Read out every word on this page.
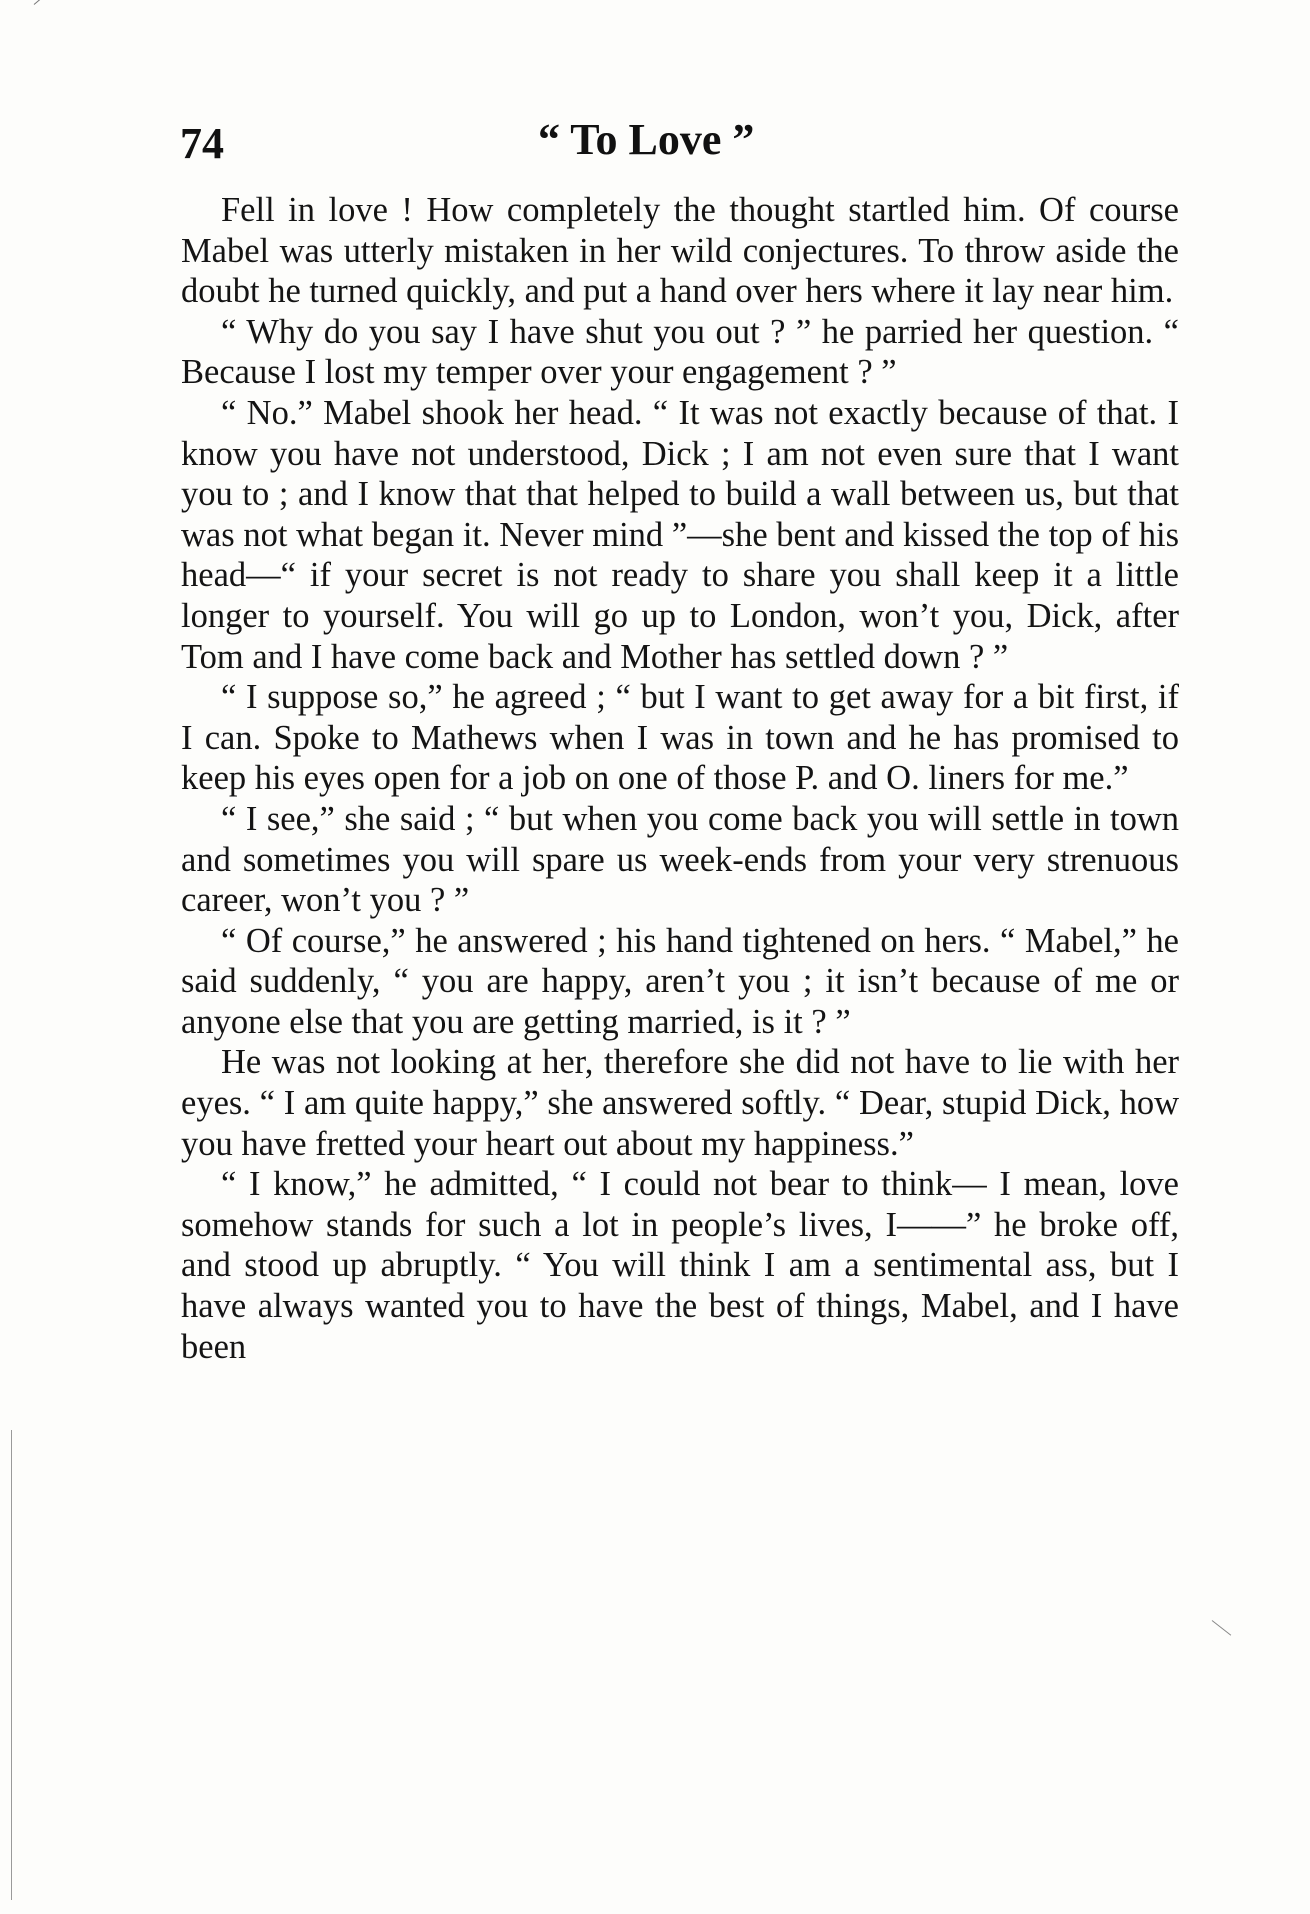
74	“ To Love ”

Fell in love ! How completely the thought startled him. Of course Mabel was utterly mistaken in her wild conjectures. To throw aside the doubt he turned quickly, and put a hand over hers where it lay near him.

“ Why do you say I have shut you out ? ” he parried her question. “ Because I lost my temper over your engagement ? ”

“ No.” Mabel shook her head. “ It was not exactly because of that. I know you have not understood, Dick ; I am not even sure that I want you to ; and I know that that helped to build a wall between us, but that was not what began it. Never mind ”—she bent and kissed the top of his head—“ if your secret is not ready to share you shall keep it a little longer to yourself. You will go up to London, won’t you, Dick, after Tom and I have come back and Mother has settled down ? ”

“ I suppose so,” he agreed ; “ but I want to get away for a bit first, if I can. Spoke to Mathews when I was in town and he has promised to keep his eyes open for a job on one of those P. and O. liners for me.”

“ I see,” she said ; “ but when you come back you will settle in town and sometimes you will spare us week-ends from your very strenuous career, won’t you ? ”

“ Of course,” he answered ; his hand tightened on hers. “ Mabel,” he said suddenly, “ you are happy, aren’t you ; it isn’t because of me or anyone else that you are getting married, is it ? ”

He was not looking at her, therefore she did not have to lie with her eyes. “ I am quite happy,” she answered softly. “ Dear, stupid Dick, how you have fretted your heart out about my happiness.”

“ I know,” he admitted, “ I could not bear to think— I mean, love somehow stands for such a lot in people’s lives, I——” he broke off, and stood up abruptly. “ You will think I am a sentimental ass, but I have always wanted you to have the best of things, Mabel, and I have been
